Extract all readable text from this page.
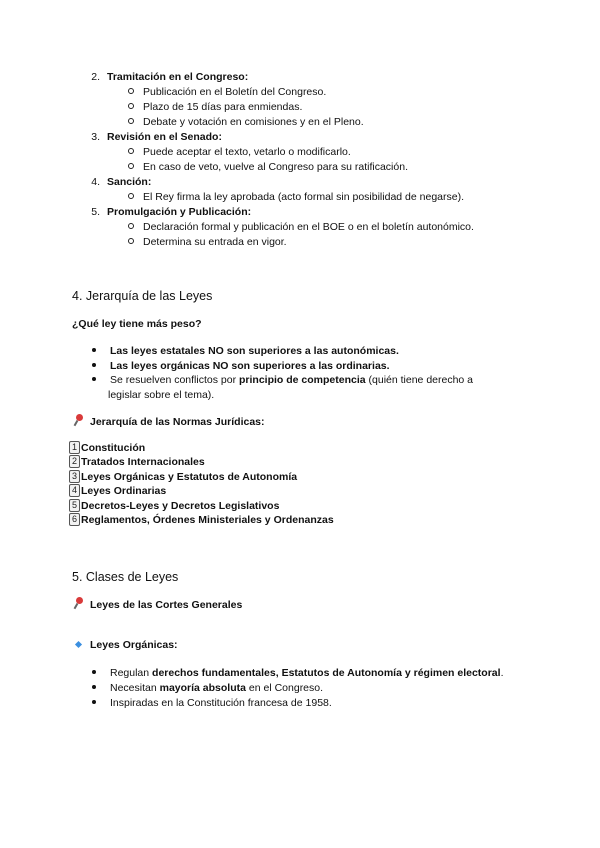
2. Tramitación en el Congreso:
Publicación en el Boletín del Congreso.
Plazo de 15 días para enmiendas.
Debate y votación en comisiones y en el Pleno.
3. Revisión en el Senado:
Puede aceptar el texto, vetarlo o modificarlo.
En caso de veto, vuelve al Congreso para su ratificación.
4. Sanción:
El Rey firma la ley aprobada (acto formal sin posibilidad de negarse).
5. Promulgación y Publicación:
Declaración formal y publicación en el BOE o en el boletín autonómico.
Determina su entrada en vigor.
4. Jerarquía de las Leyes
¿Qué ley tiene más peso?
Las leyes estatales NO son superiores a las autonómicas.
Las leyes orgánicas NO son superiores a las ordinarias.
Se resuelven conflictos por principio de competencia (quién tiene derecho a
legislar sobre el tema).
Jerarquía de las Normas Jurídicas:
1 Constitución
2 Tratados Internacionales
3 Leyes Orgánicas y Estatutos de Autonomía
4 Leyes Ordinarias
5 Decretos-Leyes y Decretos Legislativos
6 Reglamentos, Órdenes Ministeriales y Ordenanzas
5. Clases de Leyes
Leyes de las Cortes Generales
Leyes Orgánicas:
Regulan derechos fundamentales, Estatutos de Autonomía y régimen electoral.
Necesitan mayoría absoluta en el Congreso.
Inspiradas en la Constitución francesa de 1958.
